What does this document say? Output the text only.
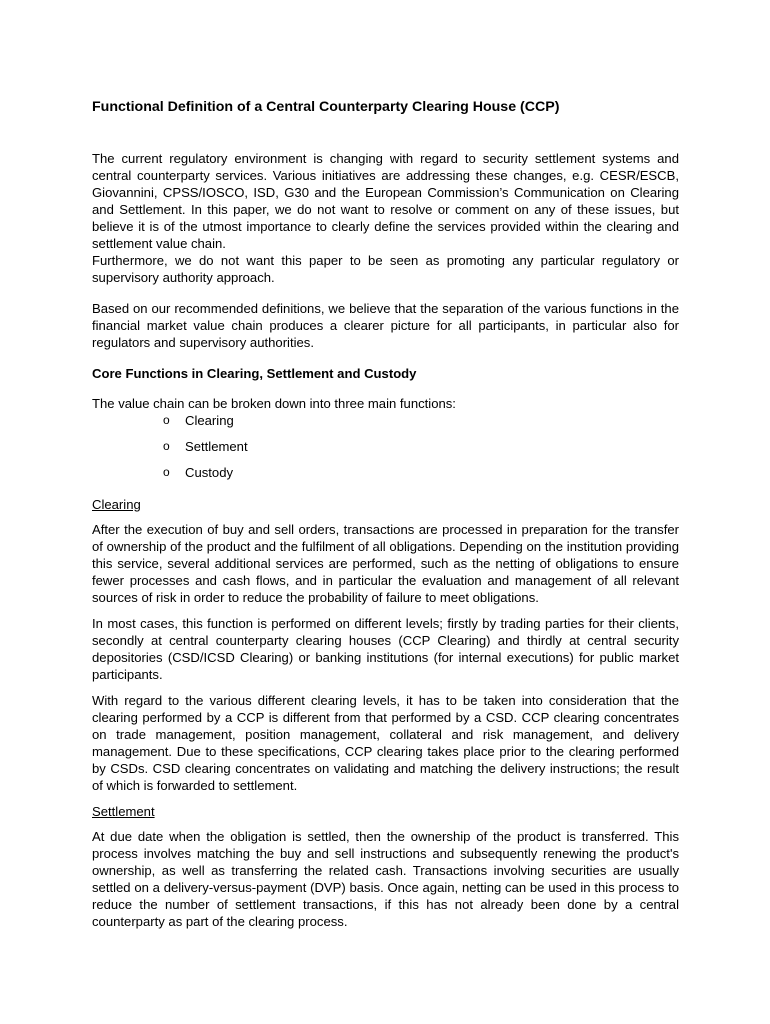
Functional Definition of a Central Counterparty Clearing House (CCP)

The current regulatory environment is changing with regard to security settlement systems and central counterparty services. Various initiatives are addressing these changes, e.g. CESR/ESCB, Giovannini, CPSS/IOSCO, ISD, G30 and the European Commission’s Communication on Clearing and Settlement. In this paper, we do not want to resolve or comment on any of these issues, but believe it is of the utmost importance to clearly define the services provided within the clearing and settlement value chain.

Furthermore, we do not want this paper to be seen as promoting any particular regulatory or supervisory authority approach.

Based on our recommended definitions, we believe that the separation of the various functions in the financial market value chain produces a clearer picture for all participants, in particular also for regulators and supervisory authorities.

Core Functions in Clearing, Settlement and Custody

The value chain can be broken down into three main functions:

o Clearing
o Settlement
o Custody
Clearing

After the execution of buy and sell orders, transactions are processed in preparation for the transfer of ownership of the product and the fulfilment of all obligations. Depending on the institution providing this service, several additional services are performed, such as the netting of obligations to ensure fewer processes and cash flows, and in particular the evaluation and management of all relevant sources of risk in order to reduce the probability of failure to meet obligations.

In most cases, this function is performed on different levels; firstly by trading parties for their clients, secondly at central counterparty clearing houses (CCP Clearing) and thirdly at central security depositories (CSD/ICSD Clearing) or banking institutions (for internal executions) for public market participants.

With regard to the various different clearing levels, it has to be taken into consideration that the clearing performed by a CCP is different from that performed by a CSD. CCP clearing concentrates on trade management, position management, collateral and risk management, and delivery management. Due to these specifications, CCP clearing takes place prior to the clearing performed by CSDs. CSD clearing concentrates on validating and matching the delivery instructions; the result of which is forwarded to settlement.

Settlement

At due date when the obligation is settled, then the ownership of the product is transferred. This process involves matching the buy and sell instructions and subsequently renewing the product's ownership, as well as transferring the related cash. Transactions involving securities are usually settled on a delivery-versus-payment (DVP) basis. Once again, netting can be used in this process to reduce the number of settlement transactions, if this has not already been done by a central counterparty as part of the clearing process.
